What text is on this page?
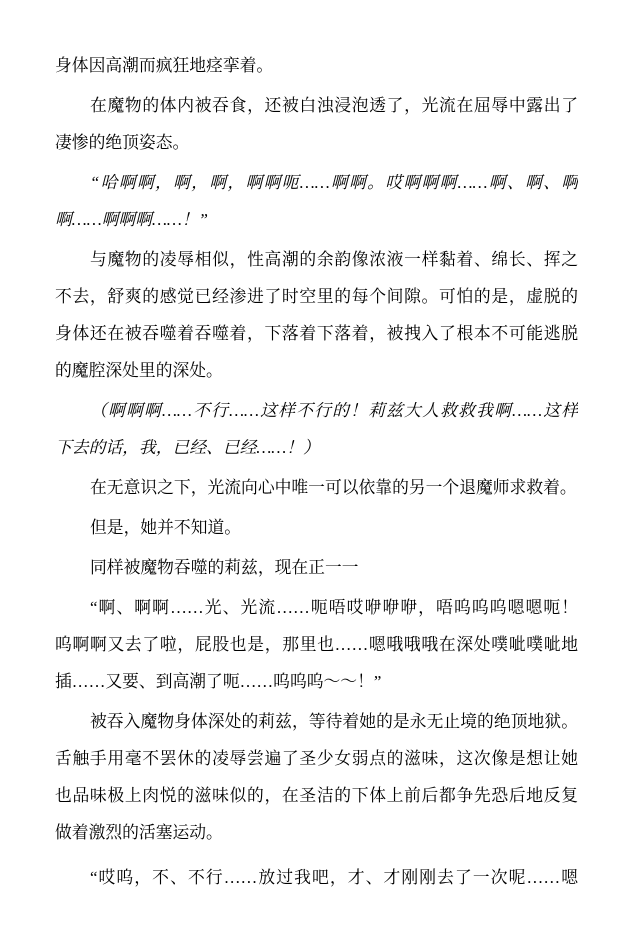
身体因高潮而疯狂地痉挛着。
在魔物的体内被吞食，还被白浊浸泡透了，光流在屈辱中露出了
凄惨的绝顶姿态。
“哈啊啊，啊，啊，啊啊呃……啊啊。哎啊啊啊……啊、啊、啊
啊……啊啊啊……！”
与魔物的凌辱相似，性高潮的余韵像浓液一样黏着、绵长、挥之
不去，舒爽的感觉已经渗进了时空里的每个间隙。可怕的是，虚脱的
身体还在被吞噬着吞噬着，下落着下落着，被拽入了根本不可能逃脱
的魔腔深处里的深处。
（啊啊啊……不行……这样不行的！莉兹大人救救我啊……这样
下去的话，我，已经、已经……！）
在无意识之下，光流向心中唯一可以依靠的另一个退魔师求救着。
但是，她并不知道。
同样被魔物吞噬的莉兹，现在正一一
“啊、啊啊……光、光流……呃唔哎咿咿咿，唔呜呜呜嗯嗯呃！
呜啊啊又去了啦，屁股也是，那里也……嗯哦哦哦在深处噗呲噗呲地
插……又要、到高潮了呃……呜呜呜～～！”
被吞入魔物身体深处的莉兹，等待着她的是永无止境的绝顶地狱。
舌触手用毫不罢休的凌辱尝遍了圣少女弱点的滋味，这次像是想让她
也品味极上肉悦的滋味似的，在圣洁的下体上前后都争先恐后地反复
做着激烈的活塞运动。
“哎呜，不、不行……放过我吧，才、才刚刚去了一次呢……嗯
